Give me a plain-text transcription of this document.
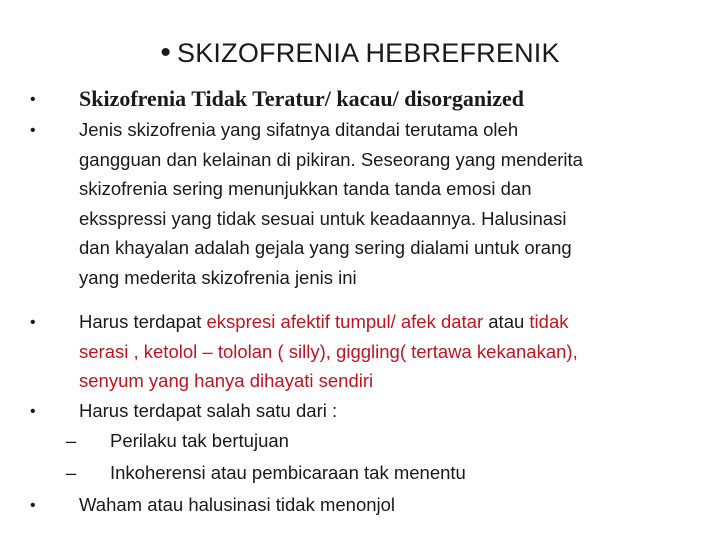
• SKIZOFRENIA HEBREFRENIK
•
•
•
•
•
Skizofrenia Tidak Teratur/ kacau/ disorganized
Jenis skizofrenia yang sifatnya ditandai terutama oleh
gangguan dan kelainan di pikiran. Seseorang yang menderita
skizofrenia sering menunjukkan tanda tanda emosi dan
eksspressi yang tidak sesuai untuk keadaannya. Halusinasi
dan khayalan adalah gejala yang sering dialami untuk orang
yang mederita skizofrenia jenis ini
Harus terdapat ekspresi afektif tumpul/ afek datar atau tidak
serasi , ketolol – tololan ( silly), giggling( tertawa kekanakan),
senyum yang hanya dihayati sendiri
Harus terdapat salah satu dari :
– Perilaku tak bertujuan
– Inkoherensi atau pembicaraan tak menentu
Waham atau halusinasi tidak menonjol
